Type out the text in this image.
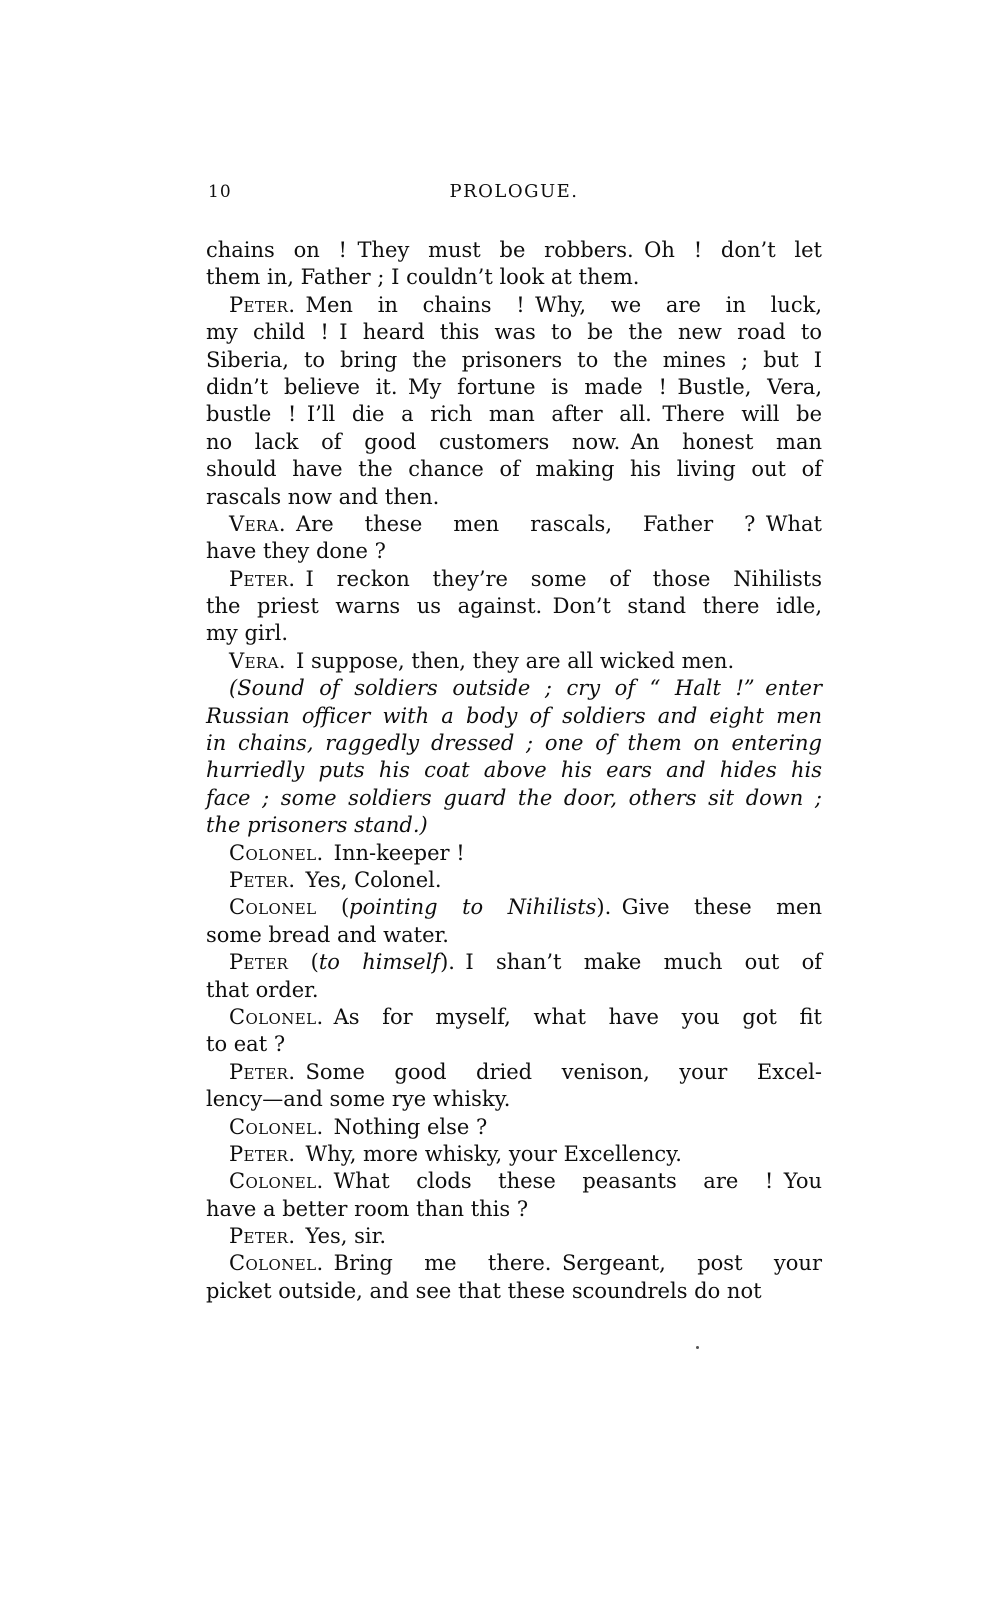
10	PROLOGUE.
chains on ! They must be robbers. Oh ! don’t let
them in, Father ; I couldn’t look at them.
Peter. Men in chains ! Why, we are in luck,
my child ! I heard this was to be the new road to
Siberia, to bring the prisoners to the mines ; but I
didn’t believe it. My fortune is made ! Bustle, Vera,
bustle ! I’ll die a rich man after all. There will be
no lack of good customers now. An honest man
should have the chance of making his living out of
rascals now and then.
Vera. Are these men rascals, Father ? What
have they done ?
Peter. I reckon they’re some of those Nihilists
the priest warns us against. Don’t stand there idle,
my girl.
Vera. I suppose, then, they are all wicked men.
(Sound of soldiers outside ; cry of “ Halt !” enter
Russian officer with a body of soldiers and eight men
in chains, raggedly dressed ; one of them on entering
hurriedly puts his coat above his ears and hides his
face ; some soldiers guard the door, others sit down ;
the prisoners stand.)
Colonel. Inn-keeper !
Peter. Yes, Colonel.
Colonel (pointing to Nihilists). Give these men
some bread and water.
Peter (to himself). I shan’t make much out of
that order.
Colonel. As for myself, what have you got fit
to eat ?
Peter. Some good dried venison, your Excel-
lency—and some rye whisky.
Colonel. Nothing else ?
Peter. Why, more whisky, your Excellency.
Colonel. What clods these peasants are ! You
have a better room than this ?
Peter. Yes, sir.
Colonel. Bring me there. Sergeant, post your
picket outside, and see that these scoundrels do not
